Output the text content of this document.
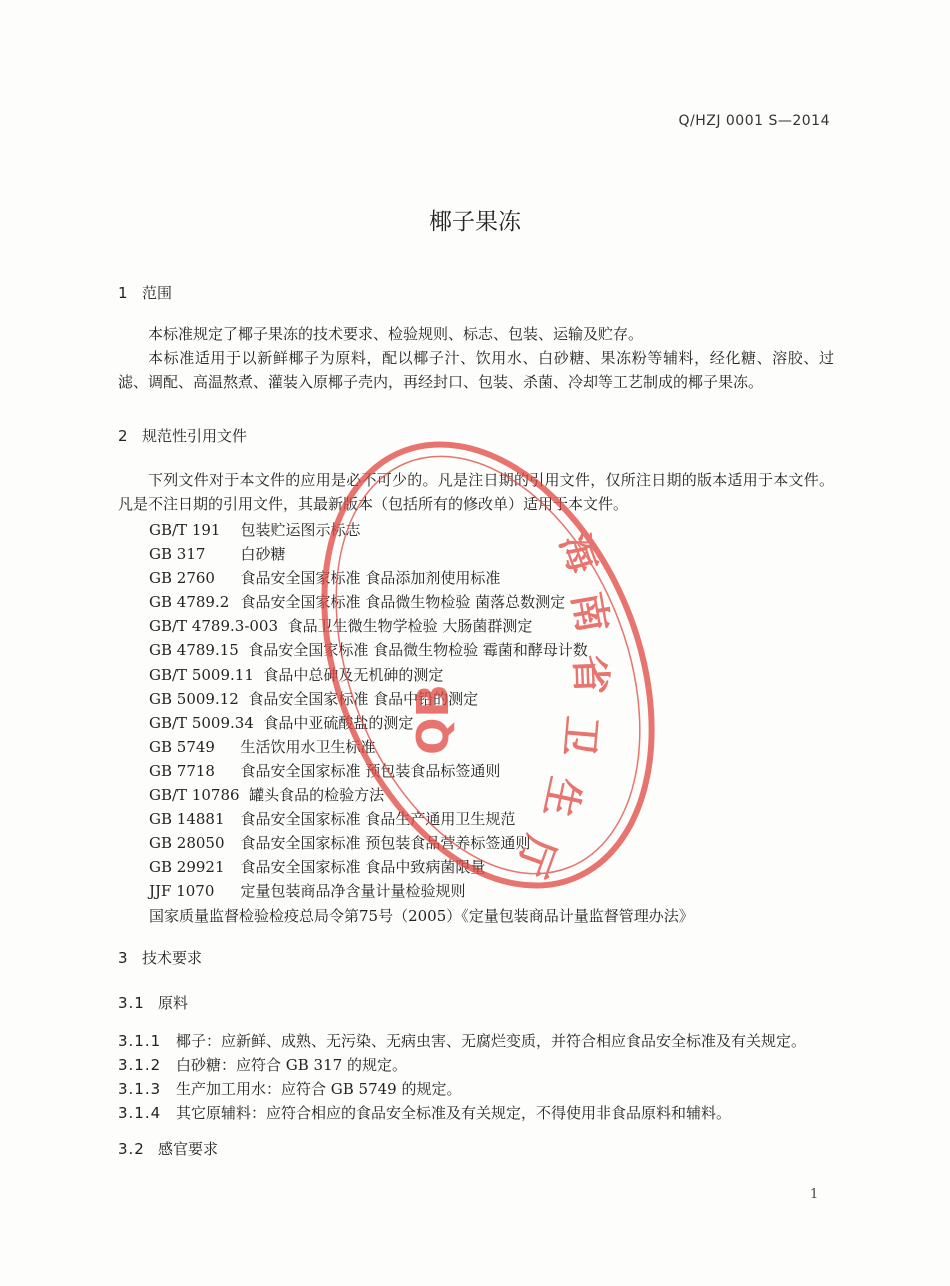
Q/HZJ 0001 S—2014
椰子果冻
1 范围

本标准规定了椰子果冻的技术要求、检验规则、标志、包装、运输及贮存。

本标准适用于以新鲜椰子为原料，配以椰子汁、饮用水、白砂糖、果冻粉等辅料，经化糖、溶胶、过滤、调配、高温熬煮、灌装入原椰子壳内，再经封口、包装、杀菌、冷却等工艺制成的椰子果冻。

2 规范性引用文件

下列文件对于本文件的应用是必不可少的。凡是注日期的引用文件，仅所注日期的版本适用于本文件。凡是不注日期的引用文件，其最新版本（包括所有的修改单）适用于本文件。

GB/T 191 包装贮运图示标志
GB 317 白砂糖
GB 2760 食品安全国家标准 食品添加剂使用标准
GB 4789.2 食品安全国家标准 食品微生物检验 菌落总数测定
GB/T 4789.3-003 食品卫生微生物学检验 大肠菌群测定
GB 4789.15 食品安全国家标准 食品微生物检验 霉菌和酵母计数
GB/T 5009.11 食品中总砷及无机砷的测定
GB 5009.12 食品安全国家标准 食品中铅的测定
GB/T 5009.34 食品中亚硫酸盐的测定
GB 5749 生活饮用水卫生标准
GB 7718 食品安全国家标准 预包装食品标签通则
GB/T 10786 罐头食品的检验方法
GB 14881 食品安全国家标准 食品生产通用卫生规范
GB 28050 食品安全国家标准 预包装食品营养标签通则
GB 29921 食品安全国家标准 食品中致病菌限量
JJF 1070 定量包装商品净含量计量检验规则
国家质量监督检验检疫总局令第75号（2005）《定量包装商品计量监督管理办法》
3 技术要求
3.1 原料
3.1.1 椰子：应新鲜、成熟、无污染、无病虫害、无腐烂变质，并符合相应食品安全标准及有关规定。
3.1.2 白砂糖：应符合 GB 317 的规定。
3.1.3 生产加工用水：应符合 GB 5749 的规定。
3.1.4 其它原辅料：应符合相应的食品安全标准及有关规定，不得使用非食品原料和辅料。
3.2 感官要求
海
南
省
卫
生
厅
QB
1
